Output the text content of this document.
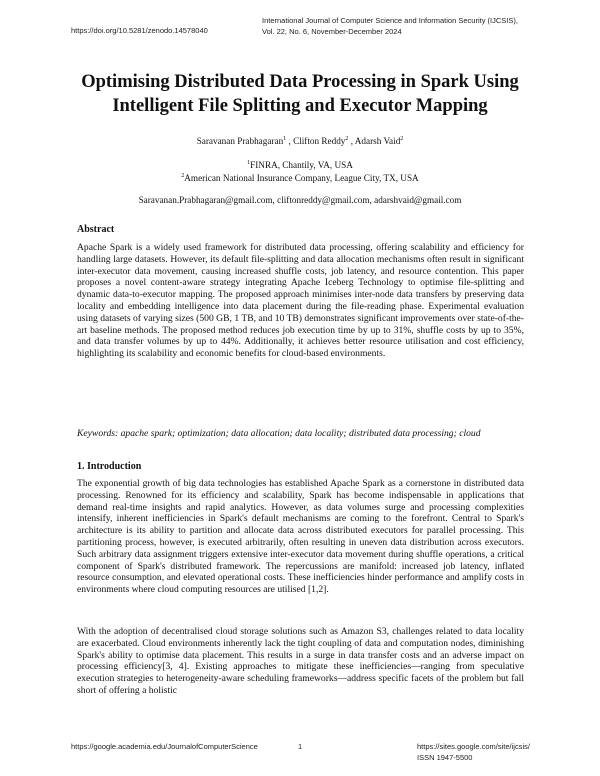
https://doi.org/10.5281/zenodo.14578040
International Journal of Computer Science and Information Security (IJCSIS),
Vol. 22, No. 6, November-December 2024
Optimising Distributed Data Processing in Spark Using Intelligent File Splitting and Executor Mapping
Saravanan Prabhagaran$^1$ , Clifton Reddy$^2$ , Adarsh Vaid$^2$
$^1$FINRA, Chantily, VA, USA
$^2$American National Insurance Company, League City, TX, USA
Saravanan.Prabhagaran@gmail.com, cliftonreddy@gmail.com, adarshvaid@gmail.com
Abstract

Apache Spark is a widely used framework for distributed data processing, offering scalability and efficiency for handling large datasets. However, its default file-splitting and data allocation mechanisms often result in significant inter-executor data movement, causing increased shuffle costs, job latency, and resource contention. This paper proposes a novel content-aware strategy integrating Apache Iceberg Technology to optimise file-splitting and dynamic data-to-executor mapping. The proposed approach minimises inter-node data transfers by preserving data locality and embedding intelligence into data placement during the file-reading phase. Experimental evaluation using datasets of varying sizes (500 GB, 1 TB, and 10 TB) demonstrates significant improvements over state-of-the-art baseline methods. The proposed method reduces job execution time by up to 31%, shuffle costs by up to 35%, and data transfer volumes by up to 44%. Additionally, it achieves better resource utilisation and cost efficiency, highlighting its scalability and economic benefits for cloud-based environments.

Keywords: apache spark; optimization; data allocation; data locality; distributed data processing; cloud

1. Introduction

The exponential growth of big data technologies has established Apache Spark as a cornerstone in distributed data processing. Renowned for its efficiency and scalability, Spark has become indispensable in applications that demand real-time insights and rapid analytics. However, as data volumes surge and processing complexities intensify, inherent inefficiencies in Spark's default mechanisms are coming to the forefront. Central to Spark's architecture is its ability to partition and allocate data across distributed executors for parallel processing. This partitioning process, however, is executed arbitrarily, often resulting in uneven data distribution across executors. Such arbitrary data assignment triggers extensive inter-executor data movement during shuffle operations, a critical component of Spark's distributed framework. The repercussions are manifold: increased job latency, inflated resource consumption, and elevated operational costs. These inefficiencies hinder performance and amplify costs in environments where cloud computing resources are utilised [1,2].

With the adoption of decentralised cloud storage solutions such as Amazon S3, challenges related to data locality are exacerbated. Cloud environments inherently lack the tight coupling of data and computation nodes, diminishing Spark's ability to optimise data placement. This results in a surge in data transfer costs and an adverse impact on processing efficiency[3, 4]. Existing approaches to mitigate these inefficiencies—ranging from speculative execution strategies to heterogeneity-aware scheduling frameworks—address specific facets of the problem but fall short of offering a holistic

https://google.academia.edu/JournalofComputerScience	1	https://sites.google.com/site/ijcsis/
ISSN 1947-5500
